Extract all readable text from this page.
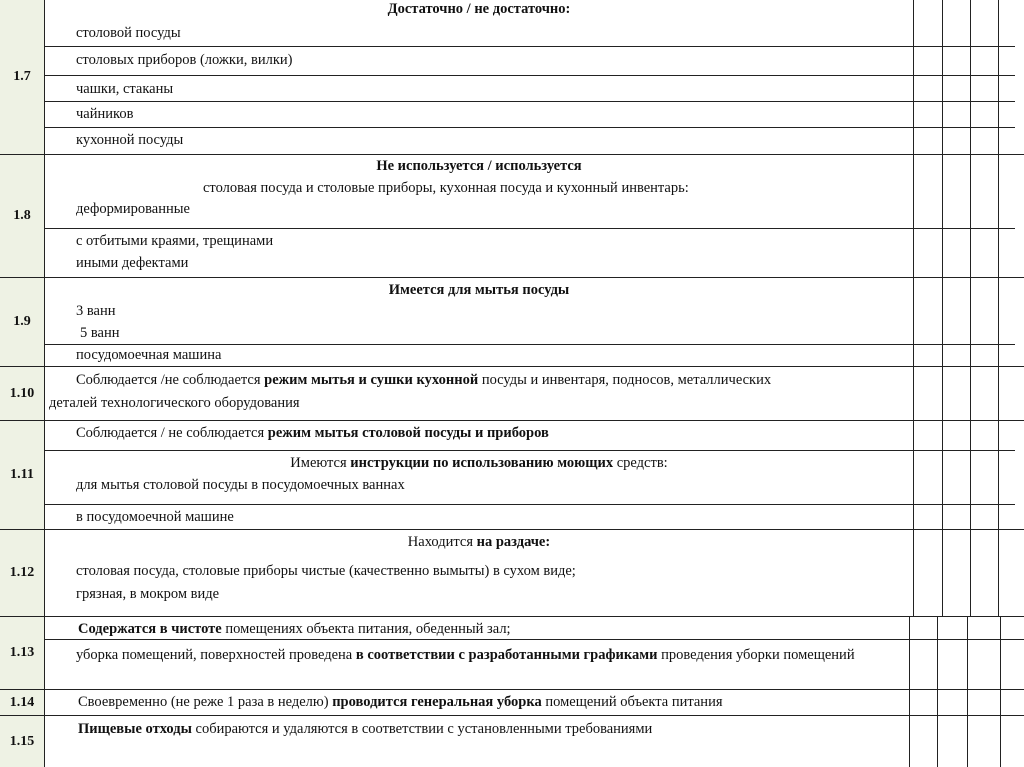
1.7
1.8
1.9
1.10
1.11
1.12
1.13
1.14
1.15
Достаточно / не достаточно:
столовой посуды
столовых приборов (ложки, вилки)
чашки, стаканы
чайников
кухонной посуды
Не используется / используется
столовая посуда и столовые приборы, кухонная посуда и кухонный инвентарь:
деформированные
с отбитыми краями, трещинами
иными дефектами
Имеется для мытья посуды
3 ванн
5 ванн
посудомоечная машина
Соблюдается /не соблюдается режим мытья и сушки кухонной посуды и инвентаря, подносов, металлических
деталей технологического оборудования
Соблюдается / не соблюдается режим мытья столовой посуды и приборов
Имеются инструкции по использованию моющих средств:
для мытья столовой посуды в посудомоечных ваннах
в посудомоечной машине
Находится на раздаче:
столовая посуда, столовые приборы чистые (качественно вымыты) в сухом виде;
грязная, в мокром виде
Содержатся в чистоте помещениях объекта питания, обеденный зал;
уборка помещений, поверхностей проведена в соответствии с разработанными графиками проведения уборки помещений
Своевременно (не реже 1 раза в неделю) проводится генеральная уборка помещений объекта питания
Пищевые отходы собираются и удаляются в соответствии с установленными требованиями
